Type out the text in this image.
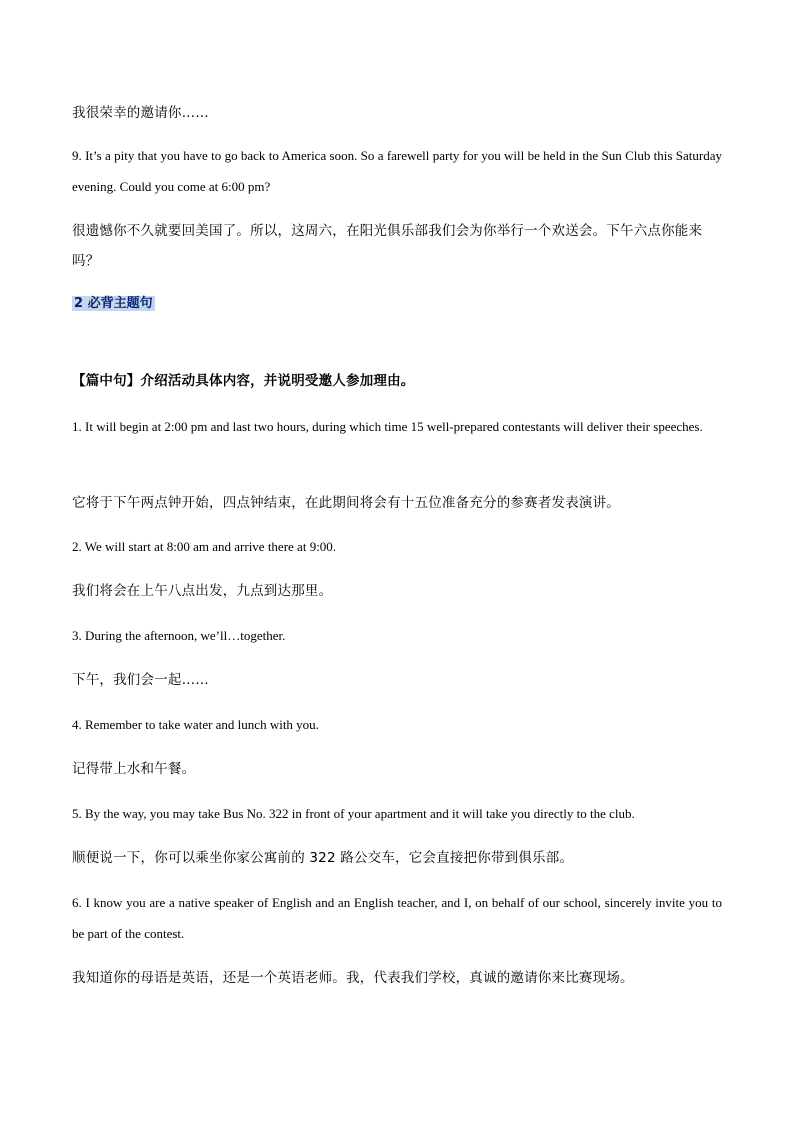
我很荣幸的邀请你……

9. It’s a pity that you have to go back to America soon. So a farewell party for you will be held in the Sun Club this Saturday evening. Could you come at 6:00 pm?

很遗憾你不久就要回美国了。所以，这周六，在阳光俱乐部我们会为你举行一个欢送会。下午六点你能来吗？

2 必背主题句

【篇中句】介绍活动具体内容，并说明受邀人参加理由。

1. It will begin at 2:00 pm and last two hours, during which time 15 well-prepared contestants will deliver their speeches.

它将于下午两点钟开始，四点钟结束，在此期间将会有十五位准备充分的参赛者发表演讲。

2. We will start at 8:00 am and arrive there at 9:00.

我们将会在上午八点出发，九点到达那里。

3. During the afternoon, we’ll…together.

下午，我们会一起……

4. Remember to take water and lunch with you.

记得带上水和午餐。

5. By the way, you may take Bus No. 322 in front of your apartment and it will take you directly to the club.

顺便说一下，你可以乘坐你家公寓前的 322 路公交车，它会直接把你带到俱乐部。

6. I know you are a native speaker of English and an English teacher, and I, on behalf of our school, sincerely invite you to be part of the contest.

我知道你的母语是英语，还是一个英语老师。我，代表我们学校，真诚的邀请你来比赛现场。
